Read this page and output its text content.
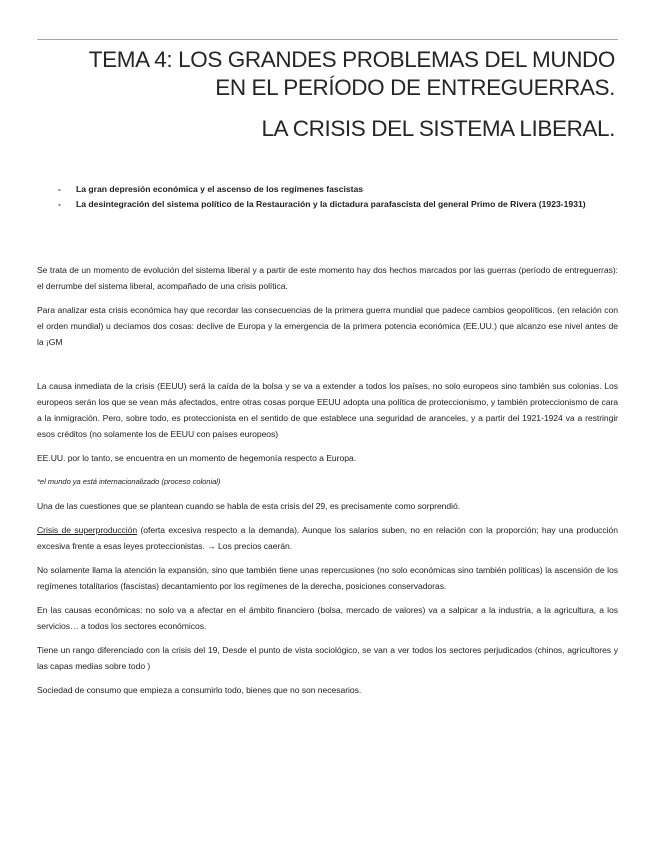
TEMA 4: LOS GRANDES PROBLEMAS DEL MUNDO
EN EL PERÍODO DE ENTREGUERRAS.
LA CRISIS DEL SISTEMA LIBERAL.
- La gran depresión económica y el ascenso de los regímenes fascistas
- La desintegración del sistema político de la Restauración y la dictadura parafascista del general Primo de Rivera (1923-1931)

Se trata de un momento de evolución del sistema liberal y a partir de este momento hay dos hechos marcados por las guerras (período de entreguerras): el derrumbe del sistema liberal, acompañado de una crisis política.

Para analizar esta crisis económica hay que recordar las consecuencias de la primera guerra mundial que padece cambios geopolíticos. (en relación con el orden mundial) u decíamos dos cosas: declive de Europa y la emergencia de la primera potencia económica (EE.UU.) que alcanzo ese nivel antes de la ¡GM

La causa inmediata de la crisis (EEUU) será la caída de la bolsa y se va a extender a todos los países, no solo europeos sino también sus colonias. Los europeos serán los que se vean más afectados, entre otras cosas porque EEUU adopta una política de proteccionismo, y también proteccionismo de cara a la inmigración. Pero, sobre todo, es proteccionista en el sentido de que establece una seguridad de aranceles, y a partir del 1921-1924 va a restringir esos créditos (no solamente los de EEUU con países europeos)

EE.UU. por lo tanto, se encuentra en un momento de hegemonía respecto a Europa.

*el mundo ya está internacionalizado (proceso colonial)

Una de las cuestiones que se plantean cuando se habla de esta crisis del 29, es precisamente como sorprendió.

Crisis de superproducción (oferta excesiva respecto a la demanda). Aunque los salarios suben, no en relación con la proporción; hay una producción excesiva frente a esas leyes proteccionistas. → Los precios caerán.

No solamente llama la atención la expansión, sino que también tiene unas repercusiones (no solo económicas sino también políticas) la ascensión de los regímenes totalitarios (fascistas) decantamiento por los regímenes de la derecha, posiciones conservadoras.

En las causas económicas: no solo va a afectar en el ámbito financiero (bolsa, mercado de valores) va a salpicar a la industria, a la agricultura, a los servicios… a todos los sectores económicos.

Tiene un rango diferenciado con la crisis del 19, Desde el punto de vista sociológico, se van a ver todos los sectores perjudicados (chinos, agricultores y las capas medias sobre todo )

Sociedad de consumo que empieza a consumirlo todo, bienes que no son necesarios.
